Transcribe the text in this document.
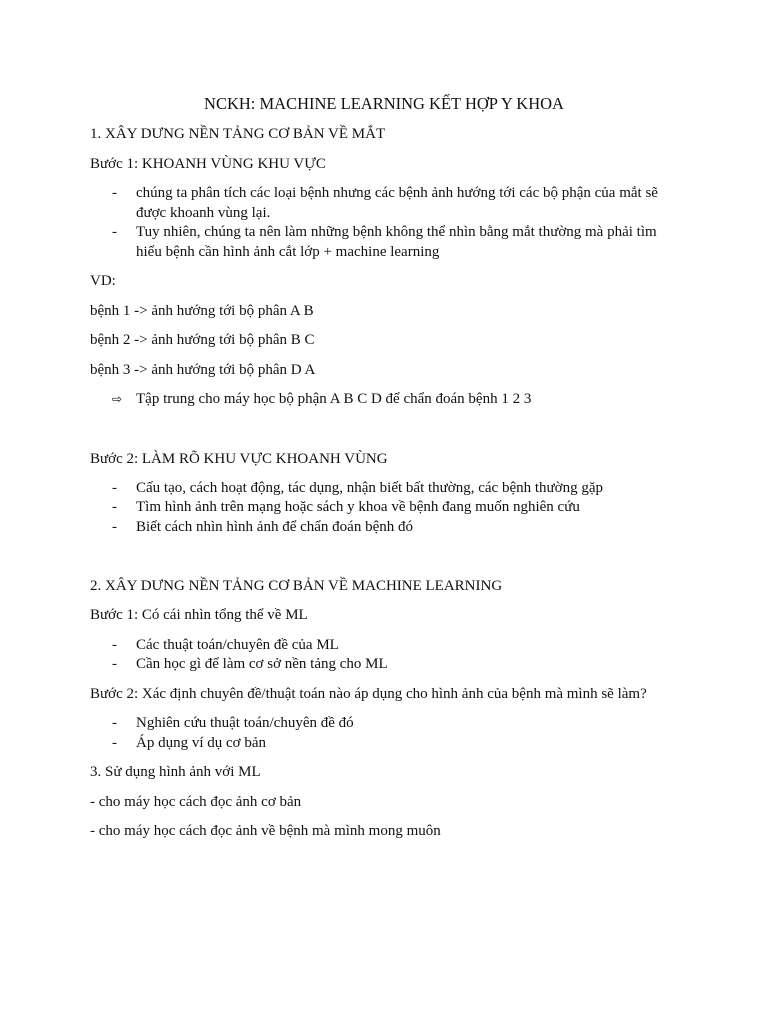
NCKH: MACHINE LEARNING KẾT HỢP Y KHOA
1. XÂY DƯNG NỀN TẢNG CƠ BẢN VỀ MẮT
Bước 1: KHOANH VÙNG KHU VỰC
- chúng ta phân tích các loại bệnh nhưng các bệnh ảnh hướng tới các bộ phận của mắt sẽ được khoanh vùng lại.
- Tuy nhiên, chúng ta nên làm những bệnh không thể nhìn bằng mắt thường mà phải tìm hiểu bệnh cần hình ảnh cắt lớp + machine learning
VD:
bệnh 1 -> ảnh hướng tới bộ phân A B
bệnh 2 -> ảnh hướng tới bộ phân B C
bệnh 3 -> ảnh hướng tới bộ phân D A
⇨ Tập trung cho máy học bộ phận A B C D để chẩn đoán bệnh 1 2 3
Bước 2: LÀM RÕ KHU VỰC KHOANH VÙNG
- Cấu tạo, cách hoạt động, tác dụng, nhận biết bất thường, các bệnh thường gặp
- Tìm hình ảnh trên mạng hoặc sách y khoa về bệnh đang muốn nghiên cứu
- Biết cách nhìn hình ảnh để chẩn đoán bệnh đó
2. XÂY DƯNG NỀN TẢNG CƠ BẢN VỀ MACHINE LEARNING
Bước 1: Có cái nhìn tổng thể về ML
- Các thuật toán/chuyên đề của ML
- Cần học gì để làm cơ sở nền tảng cho ML
Bước 2: Xác định chuyên đề/thuật toán nào áp dụng cho hình ảnh của bệnh mà mình sẽ làm?
- Nghiên cứu thuật toán/chuyên đề đó
- Áp dụng ví dụ cơ bản
3. Sử dụng hình ảnh với ML
- cho máy học cách đọc ảnh cơ bản
- cho máy học cách đọc ảnh về bệnh mà mình mong muôn
